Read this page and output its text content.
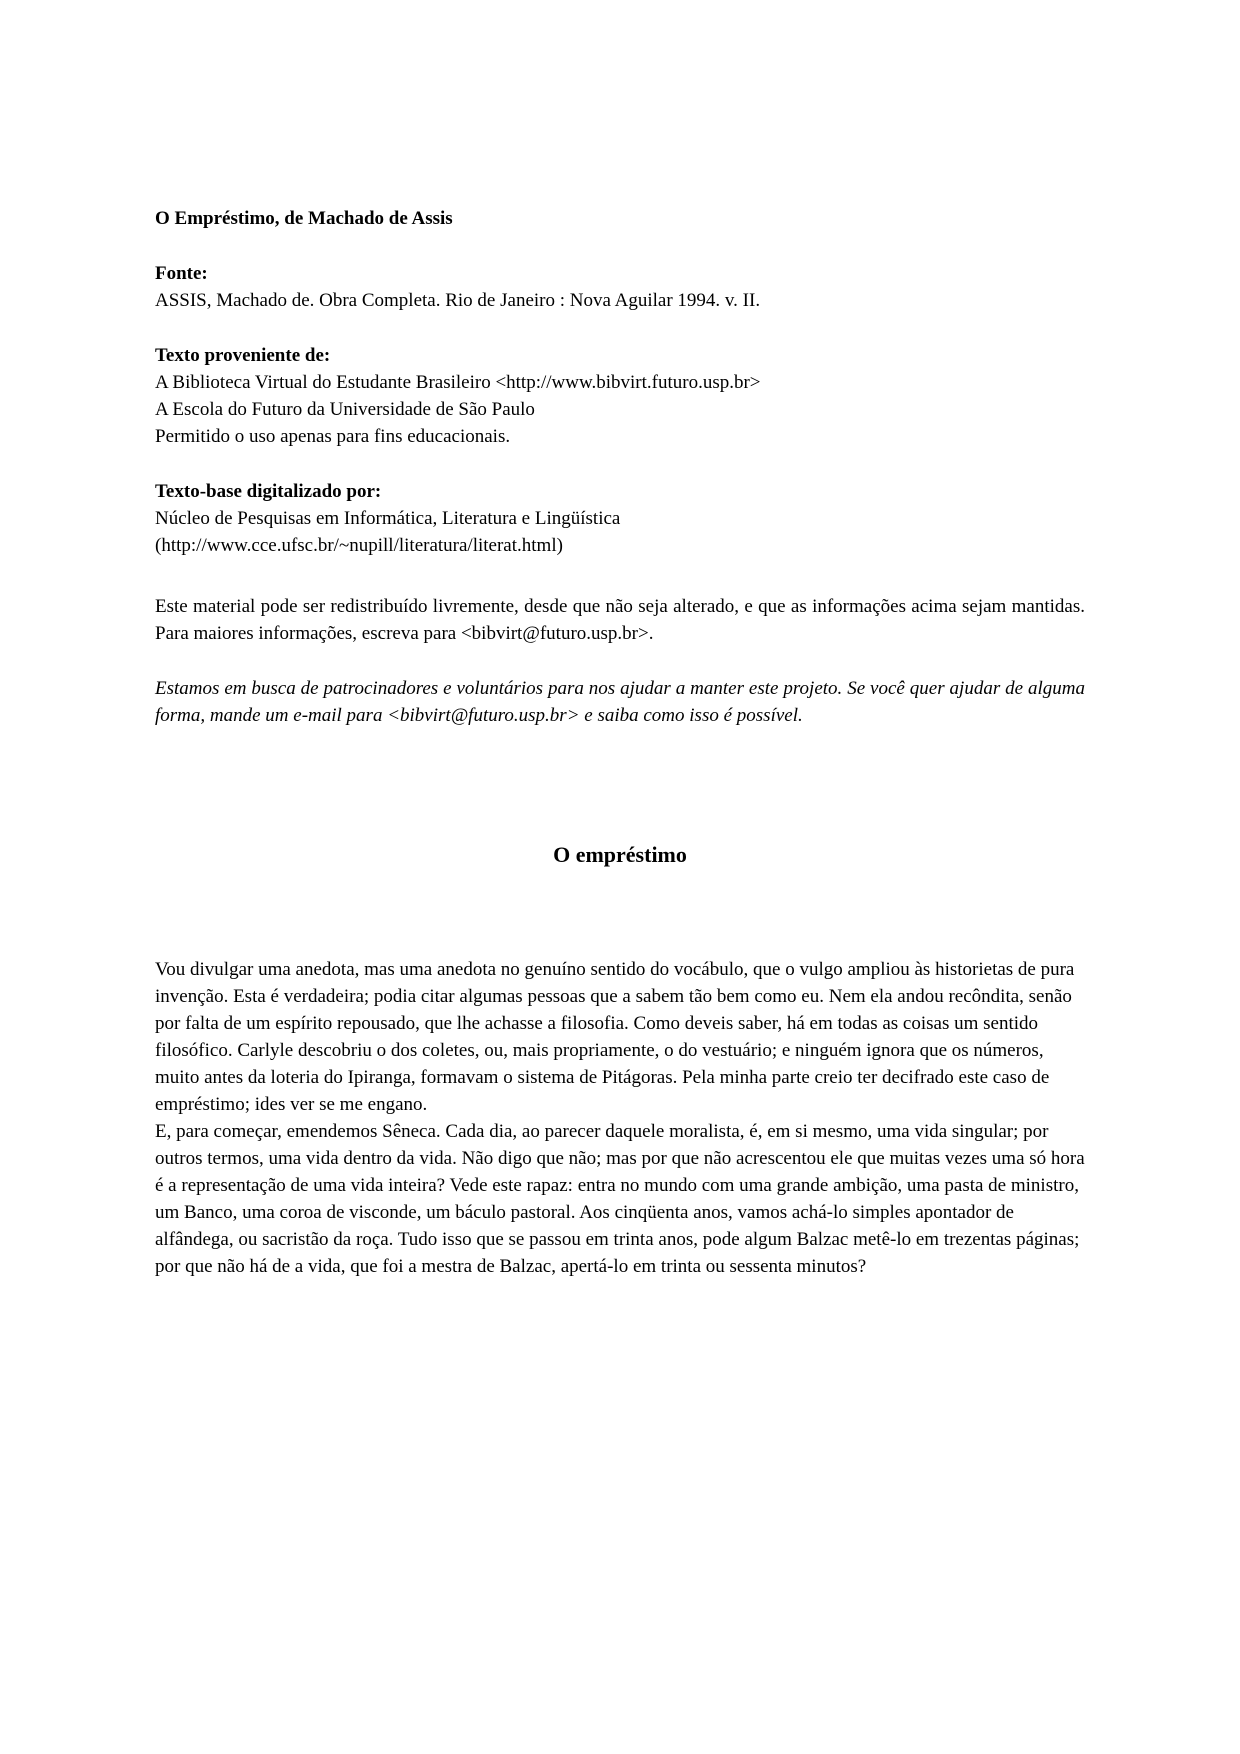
O Empréstimo, de Machado de Assis
Fonte:
ASSIS, Machado de. Obra Completa. Rio de Janeiro : Nova Aguilar 1994. v. II.
Texto proveniente de:
A Biblioteca Virtual do Estudante Brasileiro <http://www.bibvirt.futuro.usp.br>
A Escola do Futuro da Universidade de São Paulo
Permitido o uso apenas para fins educacionais.
Texto-base digitalizado por:
Núcleo de Pesquisas em Informática, Literatura e Lingüística
(http://www.cce.ufsc.br/~nupill/literatura/literat.html)

Este material pode ser redistribuído livremente, desde que não seja alterado, e que as informações acima sejam mantidas. Para maiores informações, escreva para <bibvirt@futuro.usp.br>.

Estamos em busca de patrocinadores e voluntários para nos ajudar a manter este projeto. Se você quer ajudar de alguma forma, mande um e-mail para <bibvirt@futuro.usp.br> e saiba como isso é possível.

O empréstimo

Vou divulgar uma anedota, mas uma anedota no genuíno sentido do vocábulo, que o vulgo ampliou às historietas de pura invenção. Esta é verdadeira; podia citar algumas pessoas que a sabem tão bem como eu. Nem ela andou recôndita, senão por falta de um espírito repousado, que lhe achasse a filosofia. Como deveis saber, há em todas as coisas um sentido filosófico. Carlyle descobriu o dos coletes, ou, mais propriamente, o do vestuário; e ninguém ignora que os números, muito antes da loteria do Ipiranga, formavam o sistema de Pitágoras. Pela minha parte creio ter decifrado este caso de empréstimo; ides ver se me engano.

E, para começar, emendemos Sêneca. Cada dia, ao parecer daquele moralista, é, em si mesmo, uma vida singular; por outros termos, uma vida dentro da vida. Não digo que não; mas por que não acrescentou ele que muitas vezes uma só hora é a representação de uma vida inteira? Vede este rapaz: entra no mundo com uma grande ambição, uma pasta de ministro, um Banco, uma coroa de visconde, um báculo pastoral. Aos cinqüenta anos, vamos achá-lo simples apontador de alfândega, ou sacristão da roça. Tudo isso que se passou em trinta anos, pode algum Balzac metê-lo em trezentas páginas; por que não há de a vida, que foi a mestra de Balzac, apertá-lo em trinta ou sessenta minutos?
